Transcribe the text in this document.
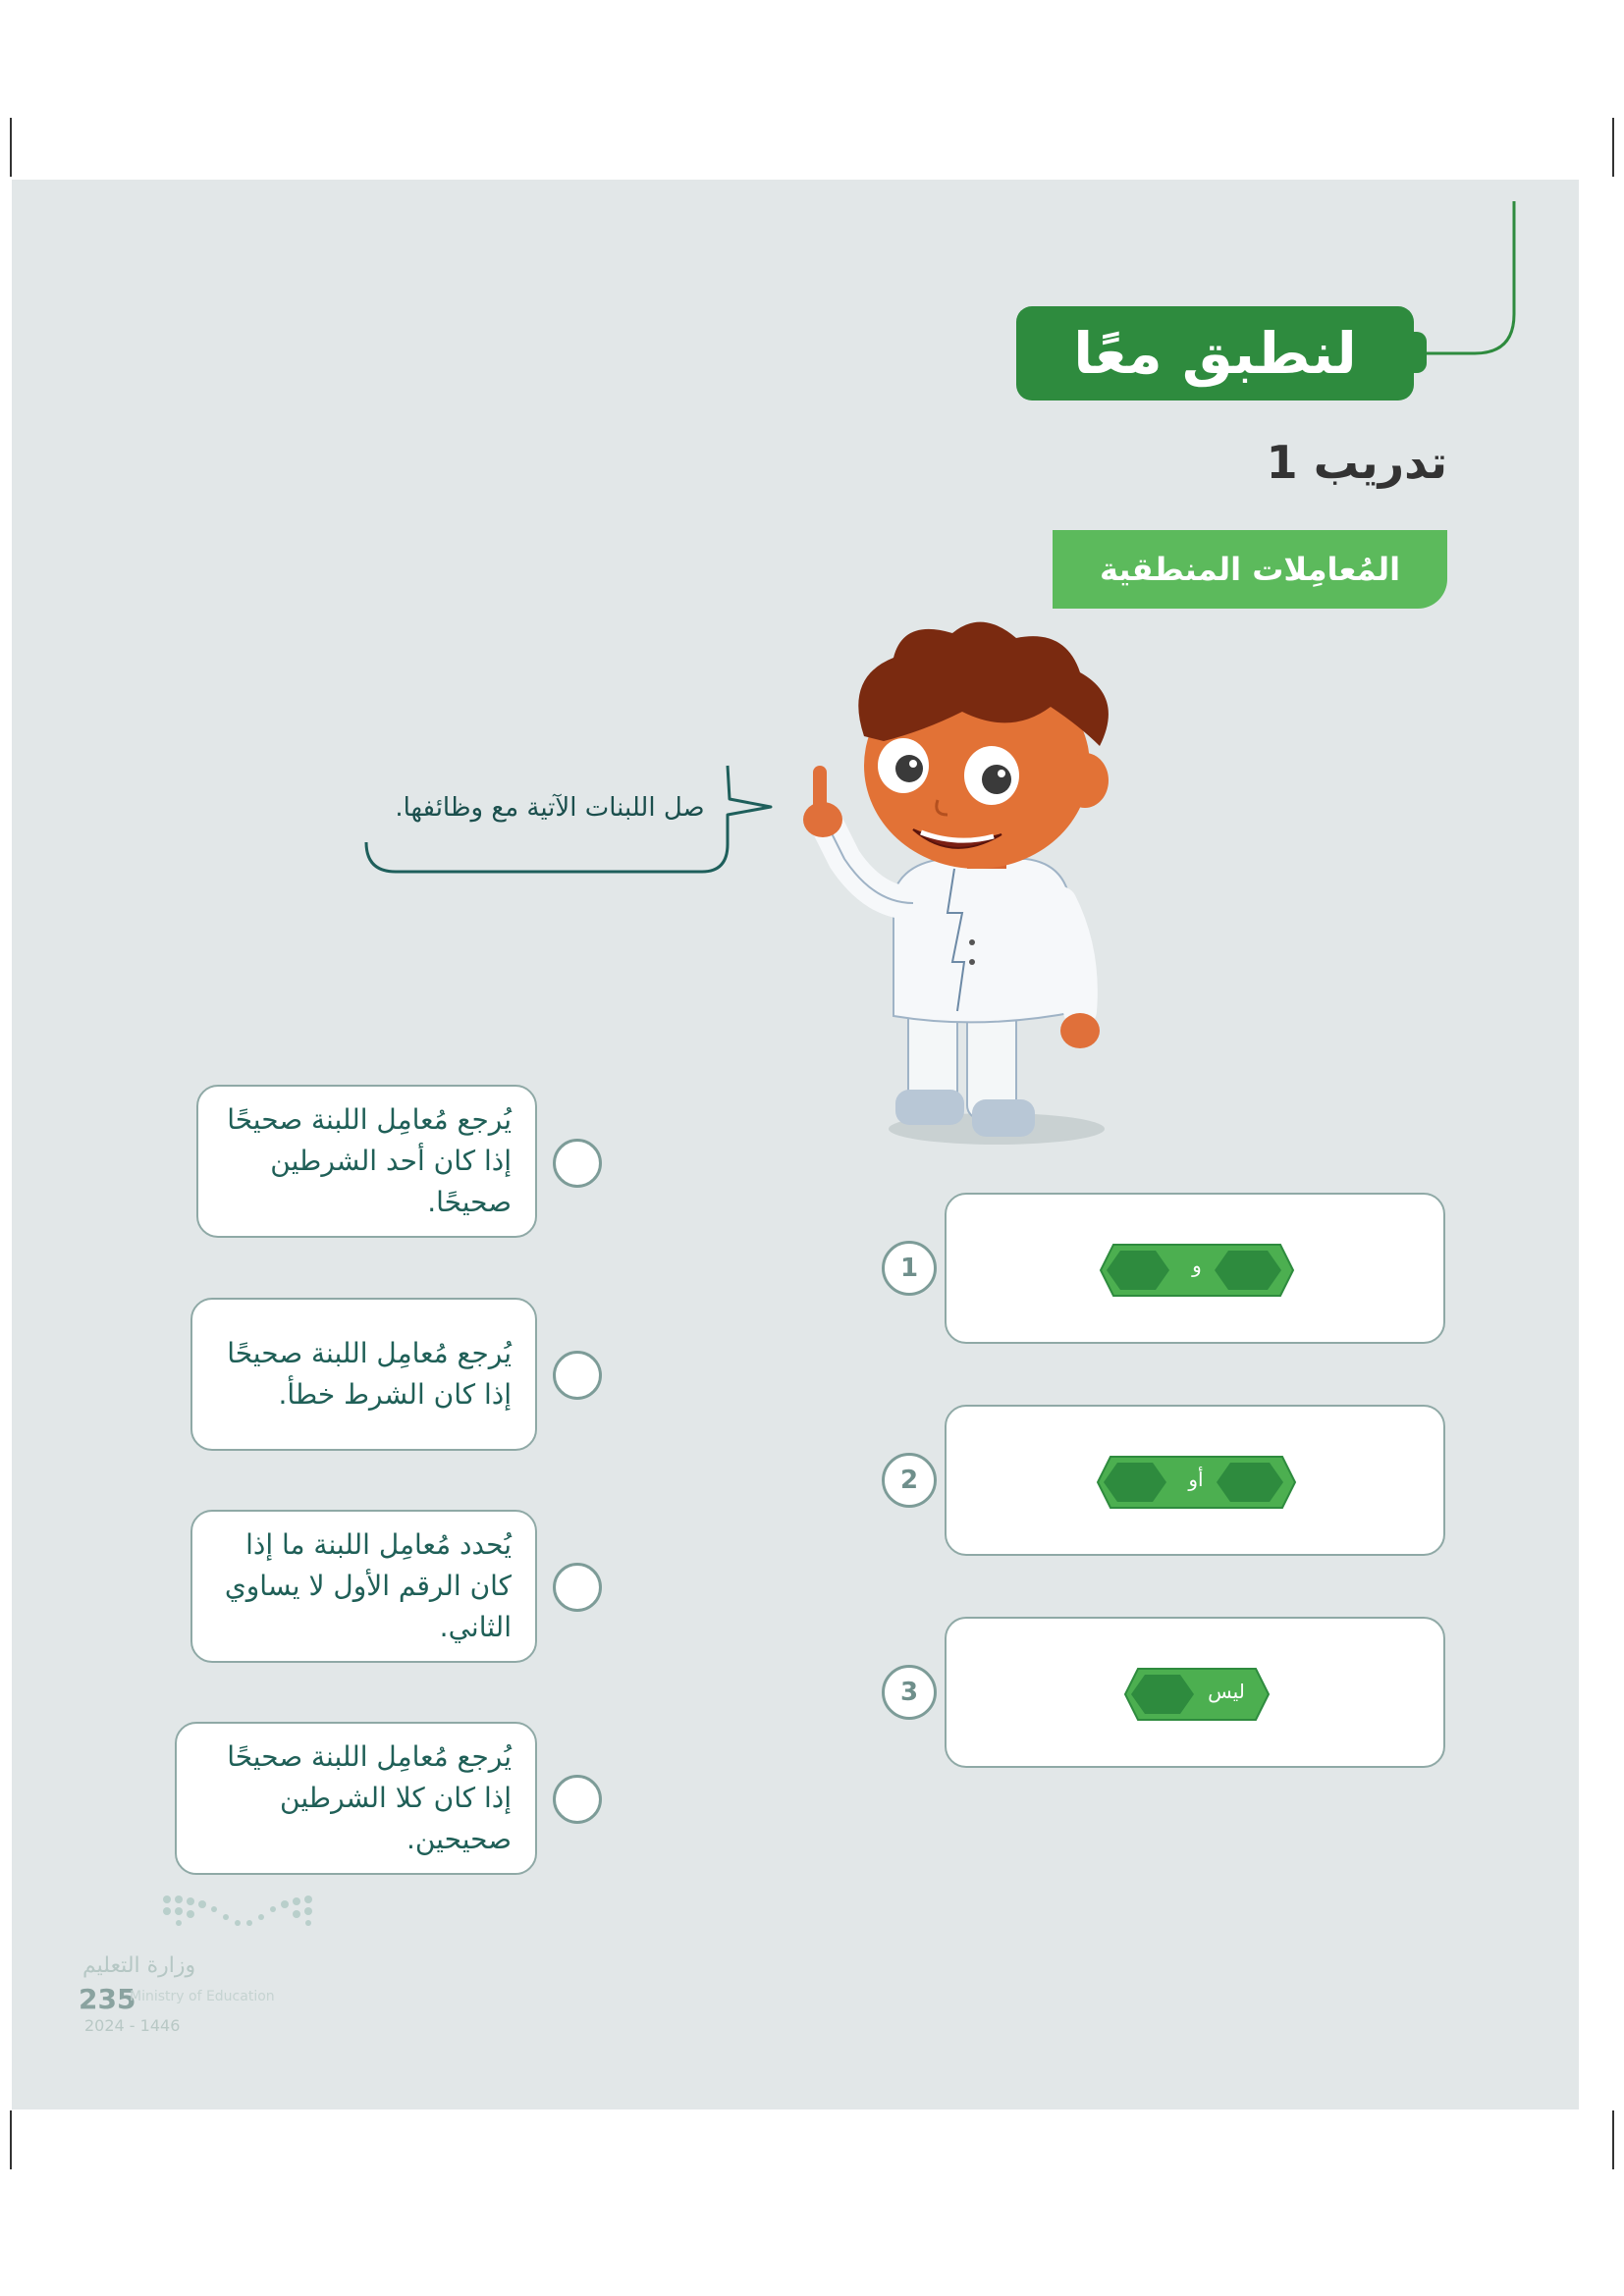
لنطبق معًا
تدريب 1
المُعامِلات المنطقية
صل اللبنات الآتية مع وظائفها.
يُرجع مُعامِل اللبنة صحيحًا إذا كان أحد الشرطين صحيحًا.
يُرجع مُعامِل اللبنة صحيحًا إذا كان الشرط خطأ.
يُحدد مُعامِل اللبنة ما إذا كان الرقم الأول لا يساوي الثاني.
يُرجع مُعامِل اللبنة صحيحًا إذا كان كلا الشرطين صحيحين.
1	و
2	أو
3	ليس
وزارة التعليم
235
Ministry of Education
2024 - 1446
